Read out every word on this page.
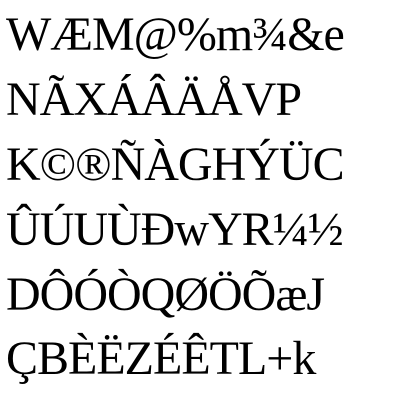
WÆM@%m¾&e
NÃXÁÂÄÅVP
K©®ÑÀGHÝÜC
ÛÚUÙĐwYR¼½
DÔÓÒQØÖÕæJ
ÇBÈËZÉÊTL+k
